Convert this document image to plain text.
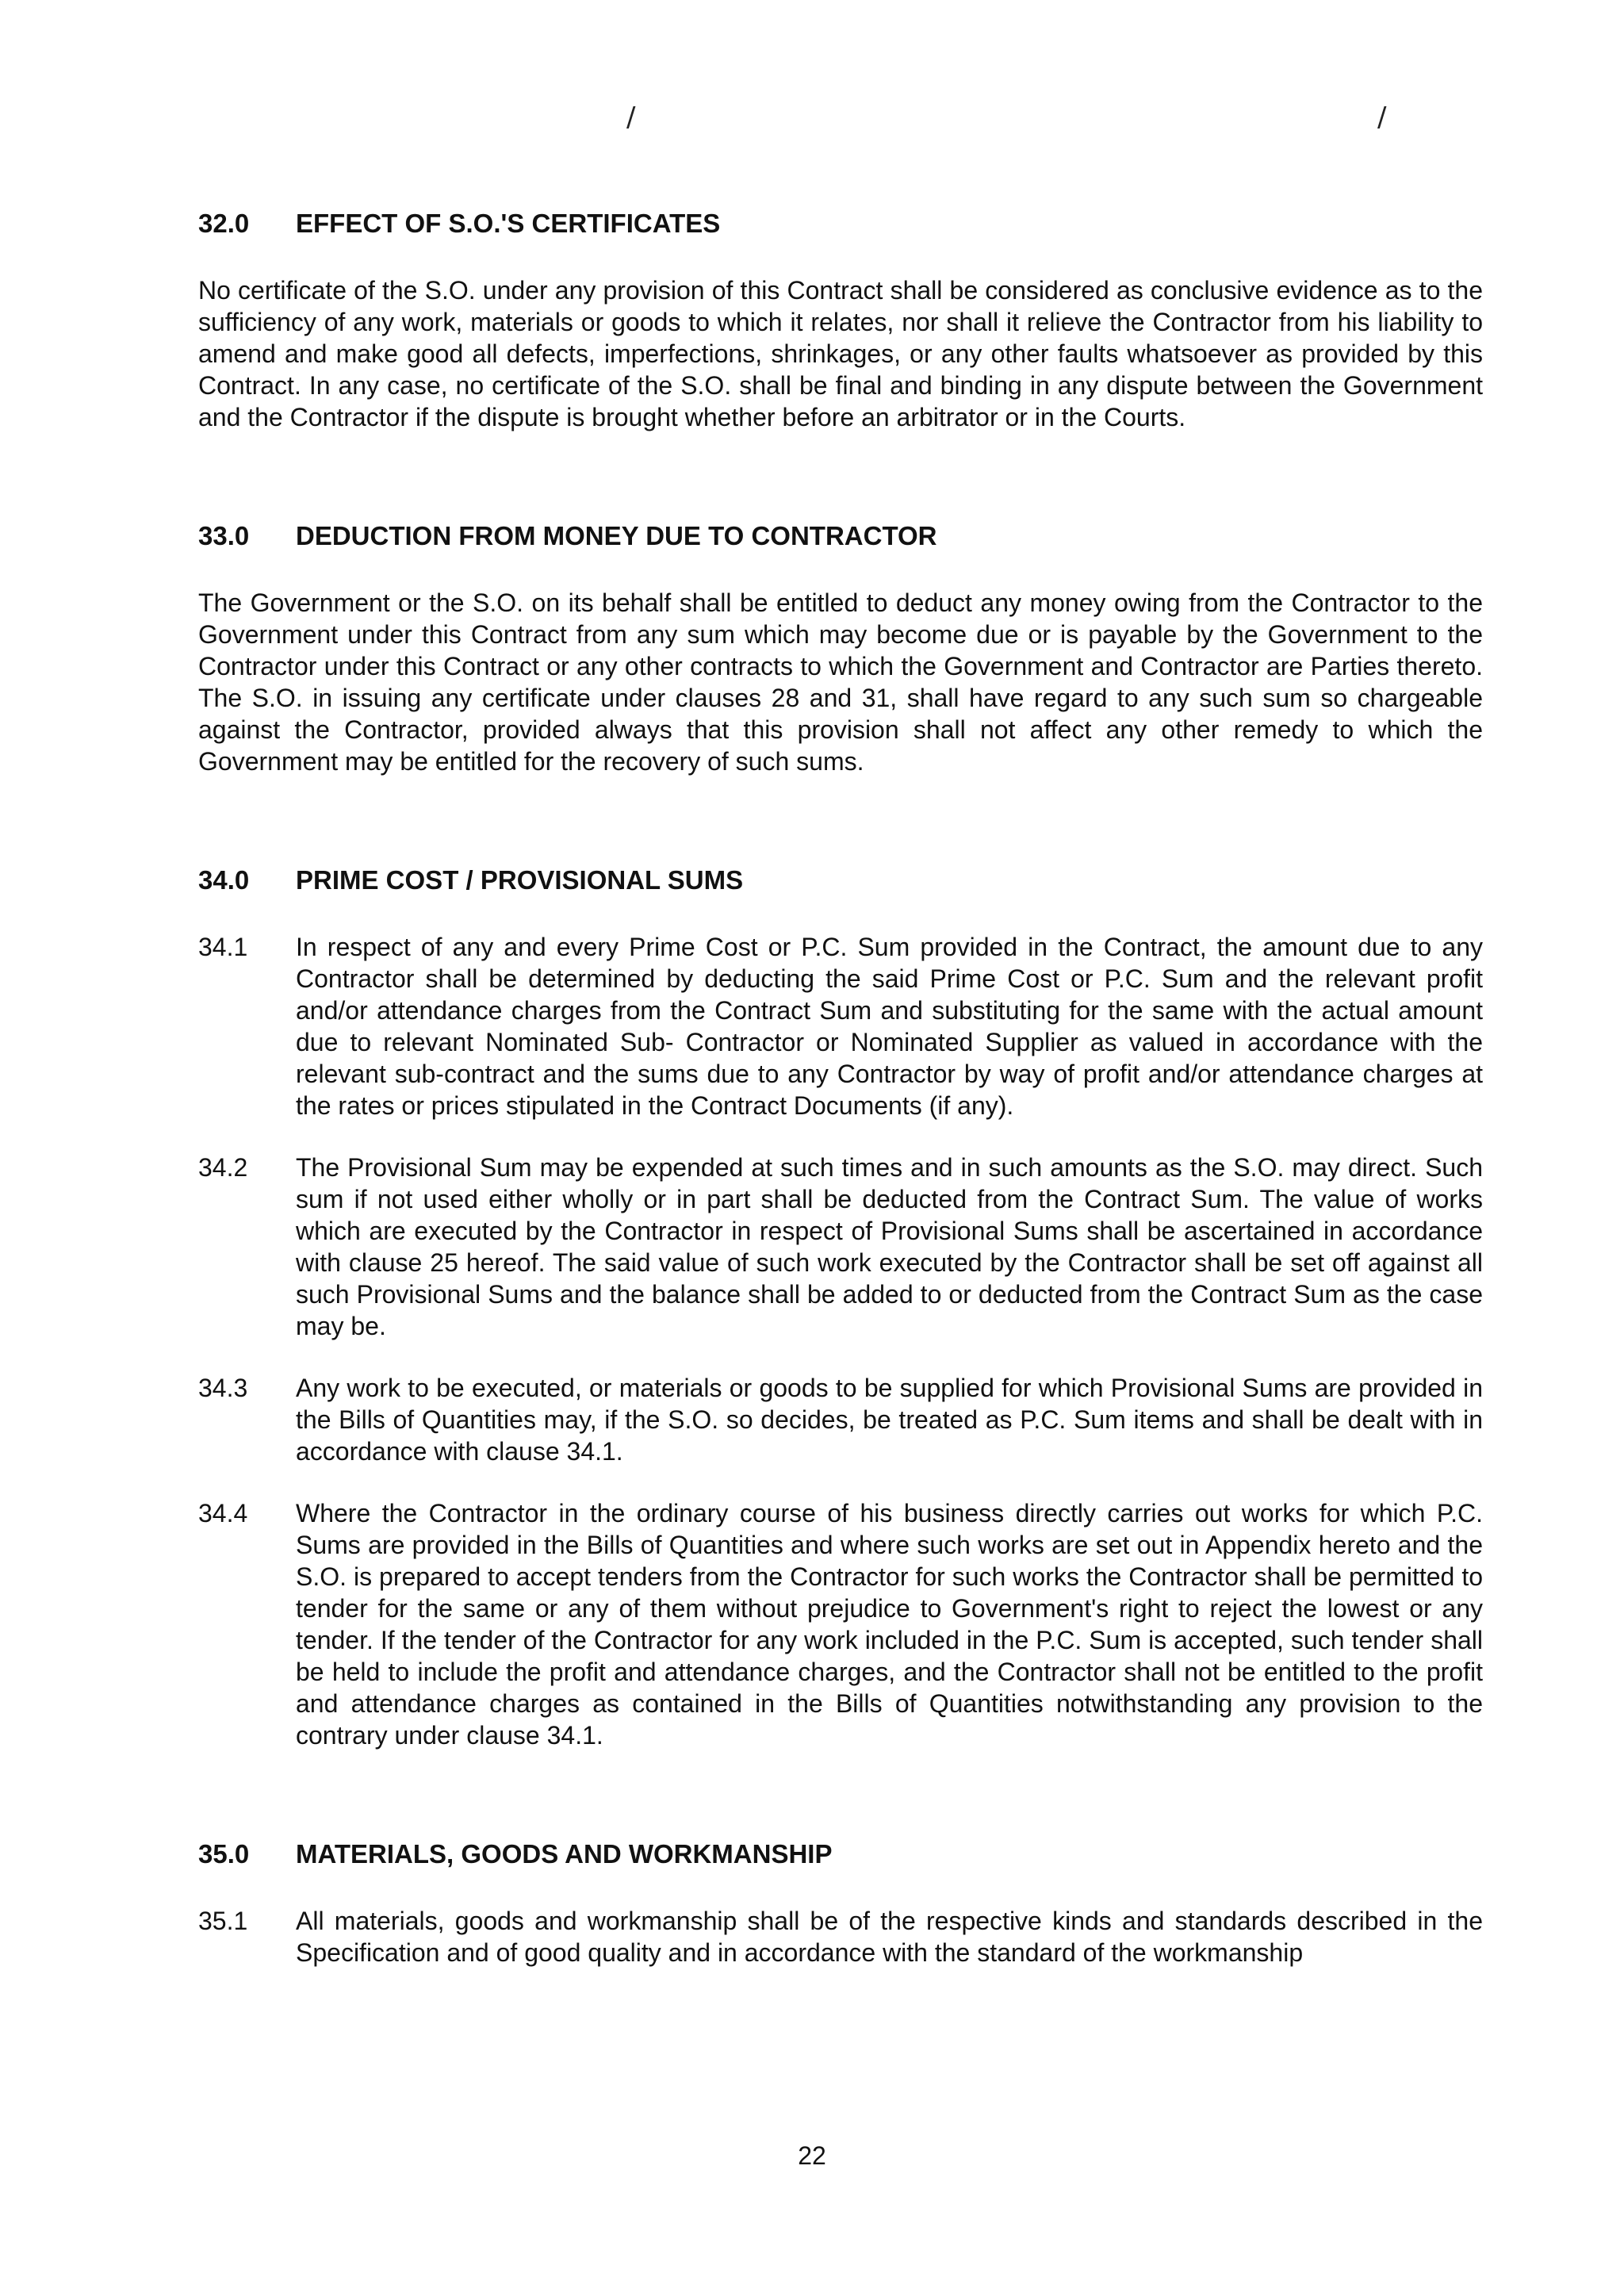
/	/
32.0	EFFECT OF S.O.'S CERTIFICATES

No certificate of the S.O. under any provision of this Contract shall be considered as conclusive evidence as to the sufficiency of any work, materials or goods to which it relates, nor shall it relieve the Contractor from his liability to amend and make good all defects, imperfections, shrinkages, or any other faults whatsoever as provided by this Contract. In any case, no certificate of the S.O. shall be final and binding in any dispute between the Government and the Contractor if the dispute is brought whether before an arbitrator or in the Courts.

33.0	DEDUCTION FROM MONEY DUE TO CONTRACTOR

The Government or the S.O. on its behalf shall be entitled to deduct any money owing from the Contractor to the Government under this Contract from any sum which may become due or is payable by the Government to the Contractor under this Contract or any other contracts to which the Government and Contractor are Parties thereto. The S.O. in issuing any certificate under clauses 28 and 31, shall have regard to any such sum so chargeable against the Contractor, provided always that this provision shall not affect any other remedy to which the Government may be entitled for the recovery of such sums.

34.0	PRIME COST / PROVISIONAL SUMS
34.1	In respect of any and every Prime Cost or P.C. Sum provided in the Contract, the amount due to any Contractor shall be determined by deducting the said Prime Cost or P.C. Sum and the relevant profit and/or attendance charges from the Contract Sum and substituting for the same with the actual amount due to relevant Nominated Sub- Contractor or Nominated Supplier as valued in accordance with the relevant sub-contract and the sums due to any Contractor by way of profit and/or attendance charges at the rates or prices stipulated in the Contract Documents (if any).

34.2	The Provisional Sum may be expended at such times and in such amounts as the S.O. may direct. Such sum if not used either wholly or in part shall be deducted from the Contract Sum. The value of works which are executed by the Contractor in respect of Provisional Sums shall be ascertained in accordance with clause 25 hereof. The said value of such work executed by the Contractor shall be set off against all such Provisional Sums and the balance shall be added to or deducted from the Contract Sum as the case may be.

34.3	Any work to be executed, or materials or goods to be supplied for which Provisional Sums are provided in the Bills of Quantities may, if the S.O. so decides, be treated as P.C. Sum items and shall be dealt with in accordance with clause 34.1.

34.4	Where the Contractor in the ordinary course of his business directly carries out works for which P.C. Sums are provided in the Bills of Quantities and where such works are set out in Appendix hereto and the S.O. is prepared to accept tenders from the Contractor for such works the Contractor shall be permitted to tender for the same or any of them without prejudice to Government's right to reject the lowest or any tender. If the tender of the Contractor for any work included in the P.C. Sum is accepted, such tender shall be held to include the profit and attendance charges, and the Contractor shall not be entitled to the profit and attendance charges as contained in the Bills of Quantities notwithstanding any provision to the contrary under clause 34.1.

35.0	MATERIALS, GOODS AND WORKMANSHIP
35.1	All materials, goods and workmanship shall be of the respective kinds and standards described in the Specification and of good quality and in accordance with the standard of the workmanship

22
